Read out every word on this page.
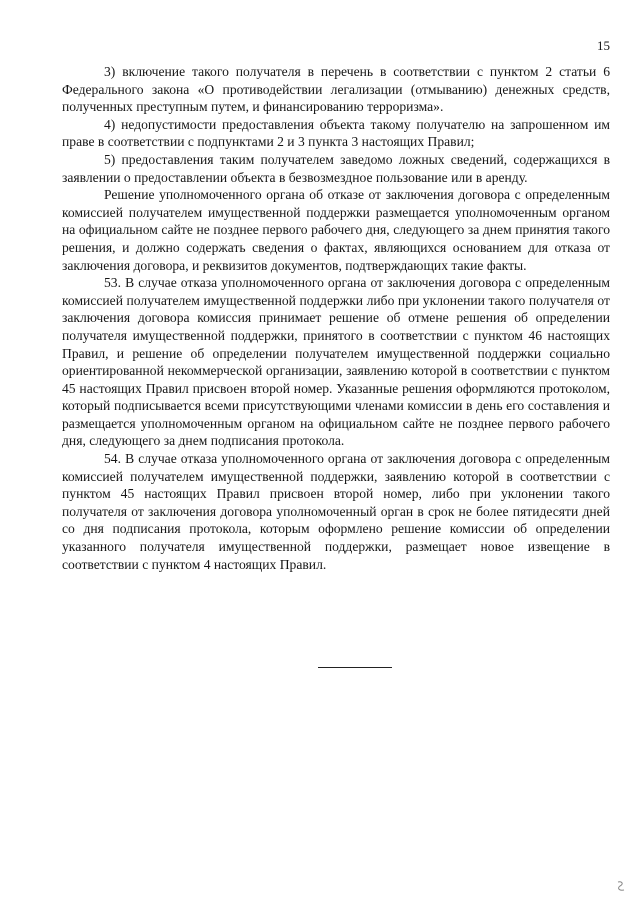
15

3) включение такого получателя в перечень в соответствии с пунктом 2 статьи 6 Федерального закона «О противодействии легализации (отмыванию) денежных средств, полученных преступным путем, и финансированию терроризма».

4) недопустимости предоставления объекта такому получателю на запрошенном им праве в соответствии с подпунктами 2 и 3 пункта 3 настоящих Правил;

5) предоставления таким получателем заведомо ложных сведений, содержащихся в заявлении о предоставлении объекта в безвозмездное пользование или в аренду.

Решение уполномоченного органа об отказе от заключения договора с определенным комиссией получателем имущественной поддержки размещается уполномоченным органом на официальном сайте не позднее первого рабочего дня, следующего за днем принятия такого решения, и должно содержать сведения о фактах, являющихся основанием для отказа от заключения договора, и реквизитов документов, подтверждающих такие факты.

53. В случае отказа уполномоченного органа от заключения договора с определенным комиссией получателем имущественной поддержки либо при уклонении такого получателя от заключения договора комиссия принимает решение об отмене решения об определении получателя имущественной поддержки, принятого в соответствии с пунктом 46 настоящих Правил, и решение об определении получателем имущественной поддержки социально ориентированной некоммерческой организации, заявлению которой в соответствии с пунктом 45 настоящих Правил присвоен второй номер. Указанные решения оформляются протоколом, который подписывается всеми присутствующими членами комиссии в день его составления и размещается уполномоченным органом на официальном сайте не позднее первого рабочего дня, следующего за днем подписания протокола.

54. В случае отказа уполномоченного органа от заключения договора с определенным комиссией получателем имущественной поддержки, заявлению которой в соответствии с пунктом 45 настоящих Правил присвоен второй номер, либо при уклонении такого получателя от заключения договора уполномоченный орган в срок не более пятидесяти дней со дня подписания протокола, которым оформлено решение комиссии об определении указанного получателя имущественной поддержки, размещает новое извещение в соответствии с пунктом 4 настоящих Правил.
